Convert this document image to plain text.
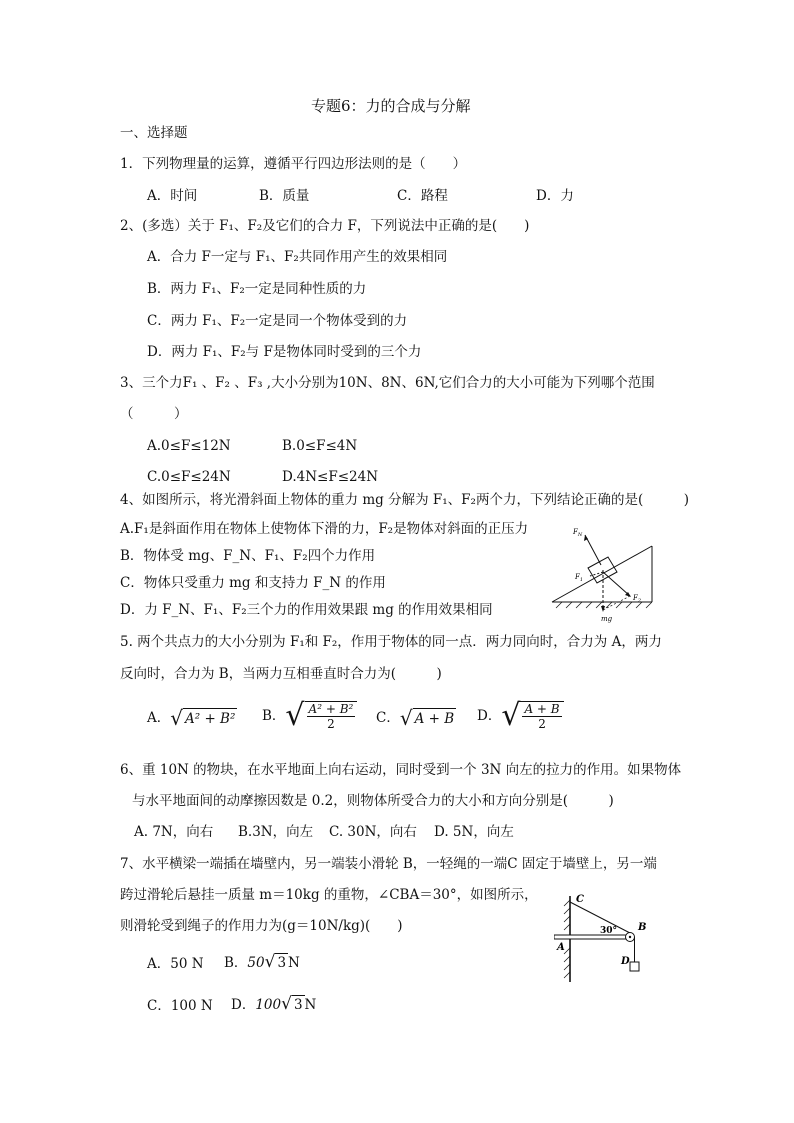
专题6：力的合成与分解
一、选择题
1．下列物理量的运算，遵循平行四边形法则的是（　　）
A．时间	B．质量	C．路程	D．力
2、(多选）关于 F₁、F₂及它们的合力 F，下列说法中正确的是(　　)
A．合力 F一定与 F₁、F₂共同作用产生的效果相同
B．两力 F₁、F₂一定是同种性质的力
C．两力 F₁、F₂一定是同一个物体受到的力
D．两力 F₁、F₂与 F是物体同时受到的三个力
3、三个力F₁ 、F₂ 、F₃ ,大小分别为10N、8N、6N,它们合力的大小可能为下列哪个范围
（　　　）
A.0≤F≤12N	B.0≤F≤4N
C.0≤F≤24N	D.4N≤F≤24N
4、如图所示，将光滑斜面上物体的重力 mg 分解为 F₁、F₂两个力，下列结论正确的是(　　　)
A.F₁是斜面作用在物体上使物体下滑的力，F₂是物体对斜面的正压力
B．物体受 mg、F_N、F₁、F₂四个力作用
C．物体只受重力 mg 和支持力 F_N 的作用
D．力 F_N、F₁、F₂三个力的作用效果跟 mg 的作用效果相同
$F_N$
$F_1$
$F_2$
mg
5. 两个共点力的大小分别为 F₁和 F₂，作用于物体的同一点．两力同向时，合力为 A，两力
反向时，合力为 B，当两力互相垂直时合力为(　　　)
A． √ A² + B² B． √ $\frac{\text{A² + B²}}{2}$ C． √ A + B D． √ $\frac{A + B}{2}$
6、重 10N 的物块，在水平地面上向右运动，同时受到一个 3N 向左的拉力的作用。如果物体
与水平地面间的动摩擦因数是 0.2，则物体所受合力的大小和方向分别是(　　　)
A. 7N，向右 B.3N，向左 C. 30N，向右 D. 5N，向左
7、水平横梁一端插在墙壁内，另一端装小滑轮 B，一轻绳的一端C 固定于墙壁上，另一端
跨过滑轮后悬挂一质量 m＝10kg 的重物，∠CBA＝30°，如图所示，
则滑轮受到绳子的作用力为(g＝10N/kg)(　　)
A．50 N B． 50 √ 3 N
C．100 N D． 100 √ 3 N
C
B
A
D
30°
